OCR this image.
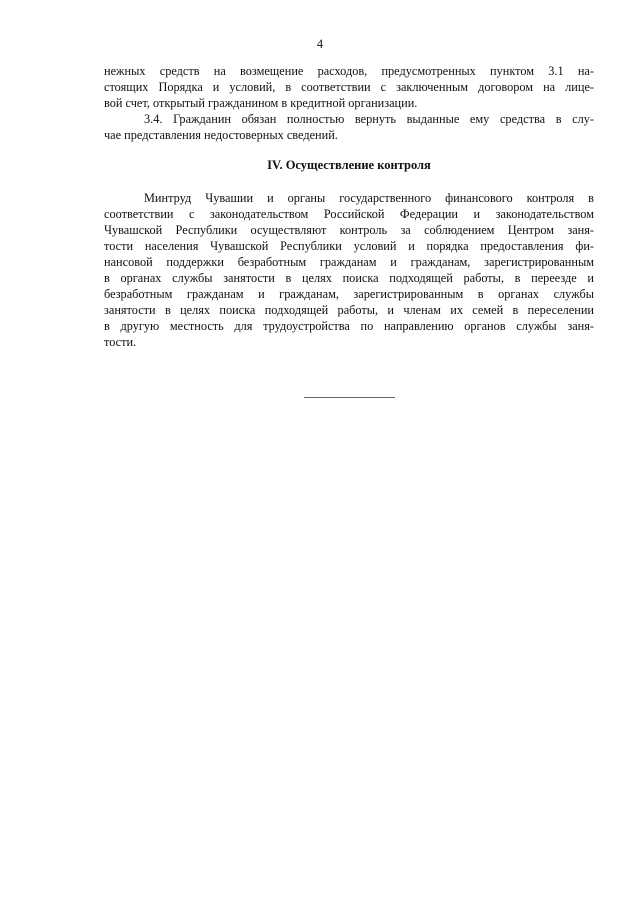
4
нежных средств на возмещение расходов, предусмотренных пунктом 3.1 на-
стоящих Порядка и условий, в соответствии с заключенным договором на лице-
вой счет, открытый гражданином в кредитной организации.
3.4. Гражданин обязан полностью вернуть выданные ему средства в слу-
чае представления недостоверных сведений.
IV. Осуществление контроля
Минтруд Чувашии и органы государственного финансового контроля в
соответствии с законодательством Российской Федерации и законодательством
Чувашской Республики осуществляют контроль за соблюдением Центром заня-
тости населения Чувашской Республики условий и порядка предоставления фи-
нансовой поддержки безработным гражданам и гражданам, зарегистрированным
в органах службы занятости в целях поиска подходящей работы, в переезде и
безработным гражданам и гражданам, зарегистрированным в органах службы
занятости в целях поиска подходящей работы, и членам их семей в переселении
в другую местность для трудоустройства по направлению органов службы заня-
тости.
